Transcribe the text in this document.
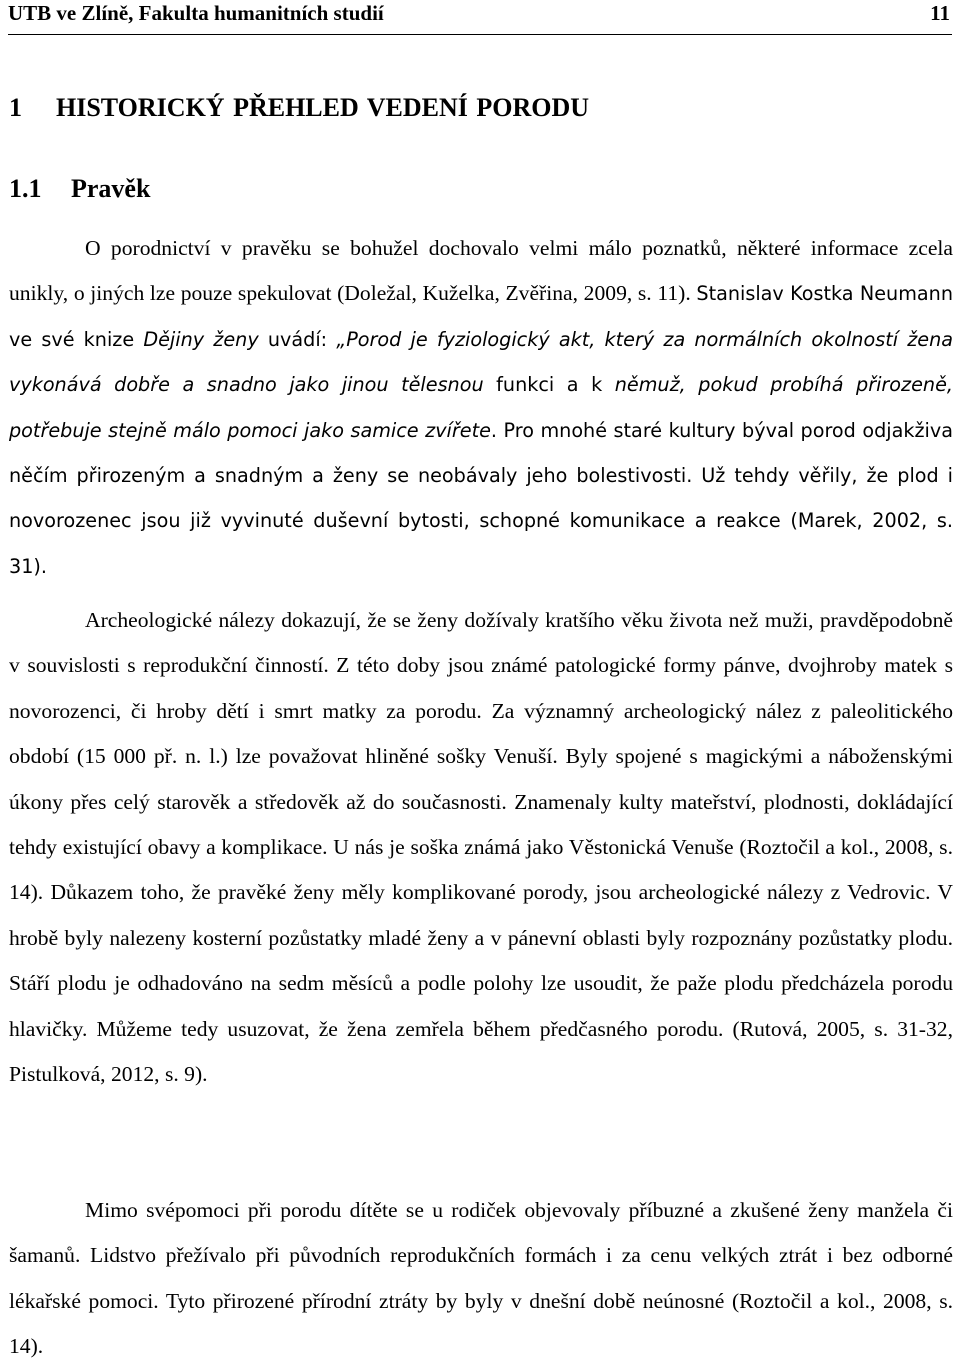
UTB ve Zlíně, Fakulta humanitních studií	11
1 HISTORICKÝ PŘEHLED VEDENÍ PORODU
1.1 Pravěk

O porodnictví v pravěku se bohužel dochovalo velmi málo poznatků, některé informace zcela unikly, o jiných lze pouze spekulovat (Doležal, Kuželka, Zvěřina, 2009, s. 11). Stanislav Kostka Neumann ve své knize Dějiny ženy uvádí: „Porod je fyziologický akt, který za normálních okolností žena vykonává dobře a snadno jako jinou tělesnou funkci a k němuž, pokud probíhá přirozeně, potřebuje stejně málo pomoci jako samice zvířete. Pro mnohé staré kultury býval porod odjakživa něčím přirozeným a snadným a ženy se neobávaly jeho bolestivosti. Už tehdy věřily, že plod i novorozenec jsou již vyvinuté duševní bytosti, schopné komunikace a reakce (Marek, 2002, s. 31).

Archeologické nálezy dokazují, že se ženy dožívaly kratšího věku života než muži, pravděpodobně v souvislosti s reprodukční činností. Z této doby jsou známé patologické formy pánve, dvojhroby matek s novorozenci, či hroby dětí i smrt matky za porodu. Za významný archeologický nález z paleolitického období (15 000 př. n. l.) lze považovat hliněné sošky Venuší. Byly spojené s magickými a náboženskými úkony přes celý starověk a středověk až do současnosti. Znamenaly kulty mateřství, plodnosti, dokládající tehdy existující obavy a komplikace. U nás je soška známá jako Věstonická Venuše (Roztočil a kol., 2008, s. 14). Důkazem toho, že pravěké ženy měly komplikované porody, jsou archeologické nálezy z Vedrovic. V hrobě byly nalezeny kosterní pozůstatky mladé ženy a v pánevní oblasti byly rozpoznány pozůstatky plodu. Stáří plodu je odhadováno na sedm měsíců a podle polohy lze usoudit, že paže plodu předcházela porodu hlavičky. Můžeme tedy usuzovat, že žena zemřela během předčasného porodu. (Rutová, 2005, s. 31-32, Pistulková, 2012, s. 9).

Mimo svépomoci při porodu dítěte se u rodiček objevovaly příbuzné a zkušené ženy manžela či šamanů. Lidstvo přežívalo při původních reprodukčních formách i za cenu velkých ztrát i bez odborné lékařské pomoci. Tyto přirozené přírodní ztráty by byly v dnešní době neúnosné (Roztočil a kol., 2008, s. 14).
